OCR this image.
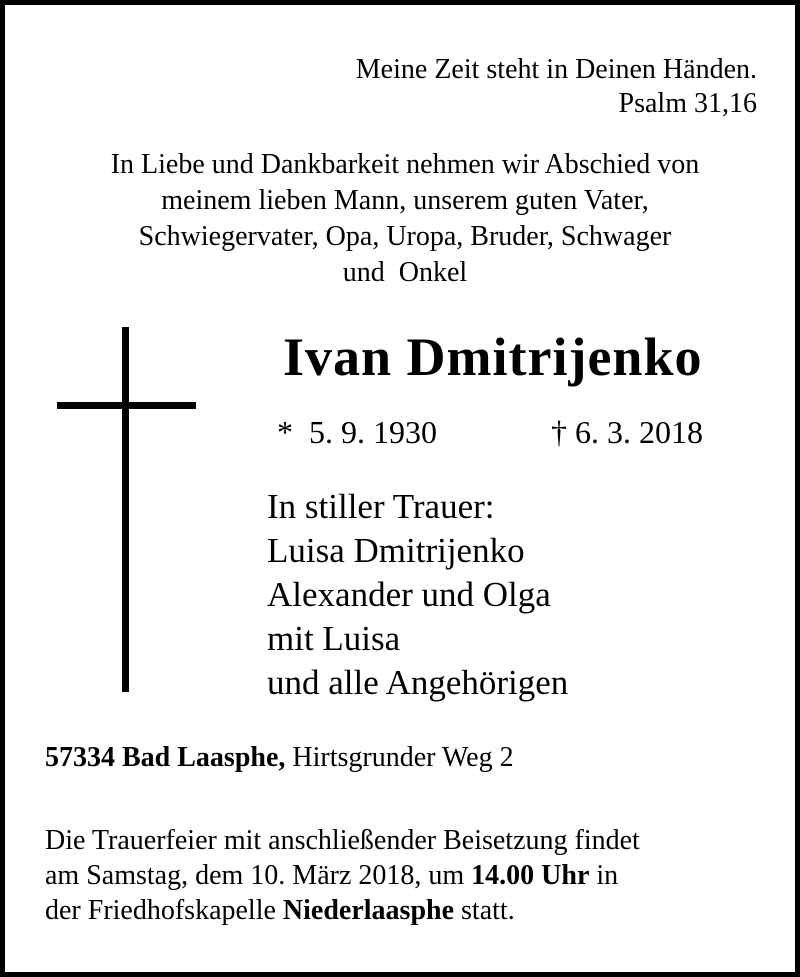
Meine Zeit steht in Deinen Händen.
Psalm 31,16
In Liebe und Dankbarkeit nehmen wir Abschied von
meinem lieben Mann, unserem guten Vater,
Schwiegervater, Opa, Uropa, Bruder, Schwager
und  Onkel
Ivan Dmitrijenko
*  5. 9. 1930	† 6. 3. 2018
In stiller Trauer:
Luisa Dmitrijenko
Alexander und Olga
mit Luisa
und alle Angehörigen
57334 Bad Laasphe, Hirtsgrunder Weg 2
Die Trauerfeier mit anschließender Beisetzung findet
am Samstag, dem 10. März 2018, um 14.00 Uhr in
der Friedhofskapelle Niederlaasphe statt.
